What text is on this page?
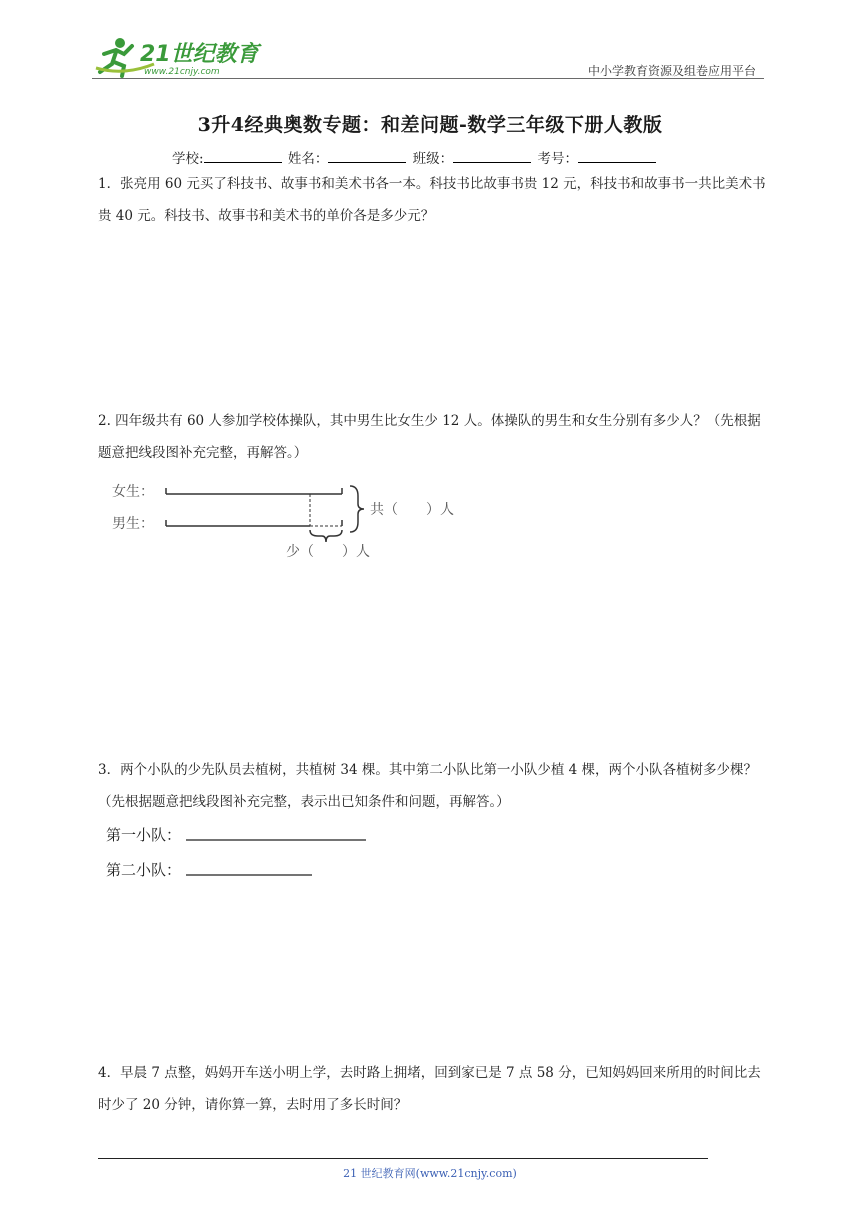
21世纪教育
www.21cnjy.com	中小学教育资源及组卷应用平台
3升4经典奥数专题：和差问题-数学三年级下册人教版
学校:	姓名：	班级：	考号：
1．张亮用 60 元买了科技书、故事书和美术书各一本。科技书比故事书贵 12 元，科技书和故事书一共比美术书贵 40 元。科技书、故事书和美术书的单价各是多少元？
2. 四年级共有 60 人参加学校体操队，其中男生比女生少 12 人。体操队的男生和女生分别有多少人？（先根据题意把线段图补充完整，再解答。）
女生：
男生：
共（　　）人
少（　　）人
3．两个小队的少先队员去植树，共植树 34 棵。其中第二小队比第一小队少植 4 棵，两个小队各植树多少棵？（先根据题意把线段图补充完整，表示出已知条件和问题，再解答。）
第一小队：
第二小队：
4．早晨 7 点整，妈妈开车送小明上学，去时路上拥堵，回到家已是 7 点 58 分，已知妈妈回来所用的时间比去时少了 20 分钟，请你算一算，去时用了多长时间？
21 世纪教育网(www.21cnjy.com)
